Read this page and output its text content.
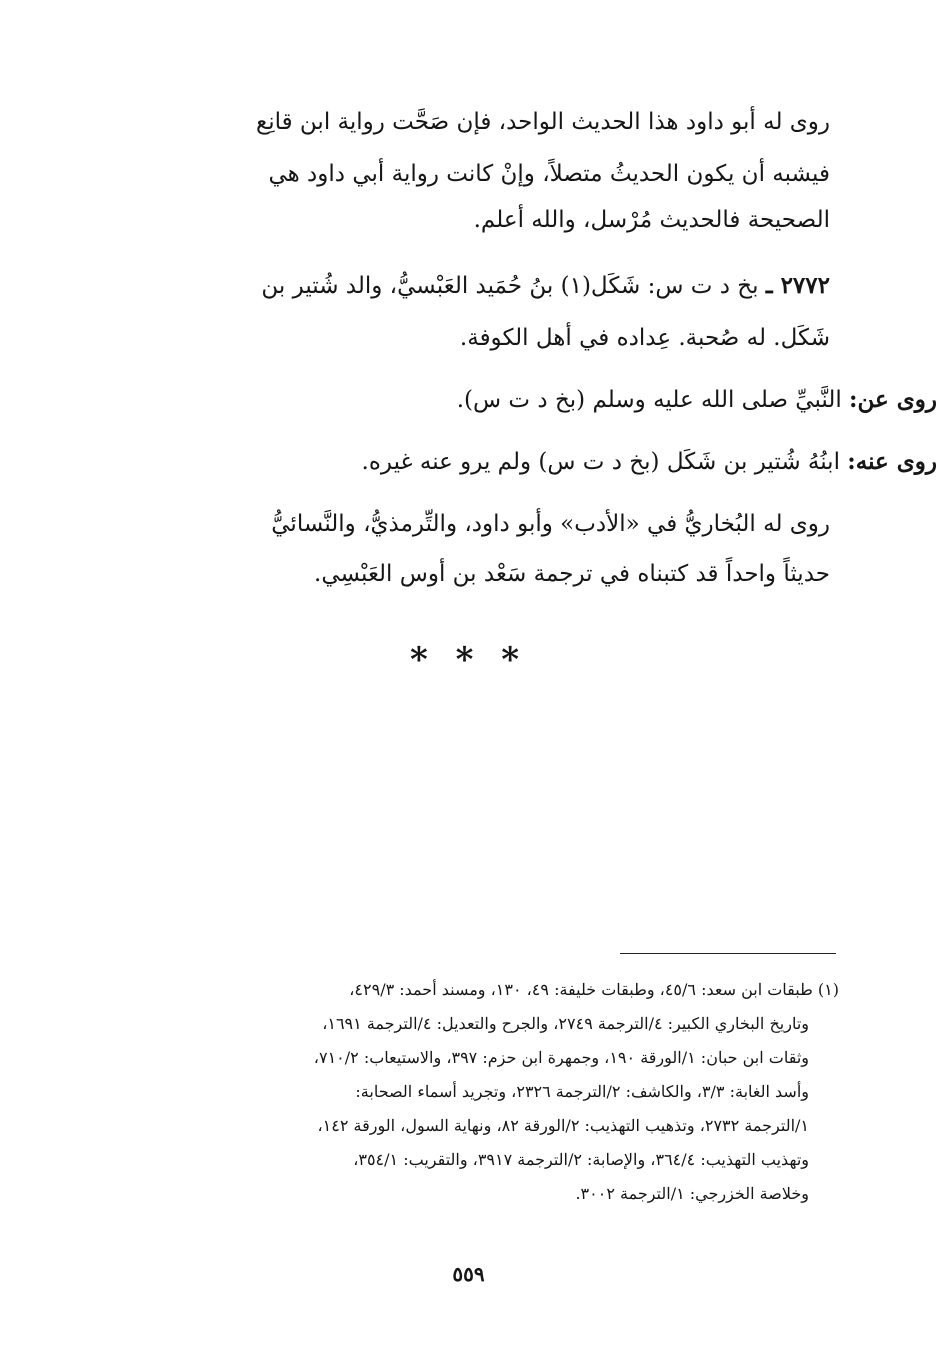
روى له أبو داود هذا الحديث الواحد، فإن صَحَّت رواية ابن قانِع

فيشبه أن يكون الحديثُ متصلاً، وإنْ كانت رواية أبي داود هي

الصحيحة فالحديث مُرْسل، والله أعلم.

٢٧٧٢ ـ بخ د ت س: شَكَل(١) بنُ حُمَيد العَبْسيُّ، والد شُتير بن

شَكَل. له صُحبة. عِداده في أهل الكوفة.

روى عن: النَّبيِّ صلى الله عليه وسلم (بخ د ت س).

روى عنه: ابنُهُ شُتير بن شَكَل (بخ د ت س) ولم يرو عنه غيره.

روى له البُخاريُّ في «الأدب» وأبو داود، والتِّرمذيُّ، والنَّسائيُّ

حديثاً واحداً قد كتبناه في ترجمة سَعْد بن أوس العَبْسِي.

* * *

(١) طبقات ابن سعد: ٤٥/٦، وطبقات خليفة: ٤٩، ١٣٠، ومسند أحمد: ٤٢٩/٣،

وتاريخ البخاري الكبير: ٤/الترجمة ٢٧٤٩، والجرح والتعديل: ٤/الترجمة ١٦٩١،

وثقات ابن حبان: ١/الورقة ١٩٠، وجمهرة ابن حزم: ٣٩٧، والاستيعاب: ٧١٠/٢،

وأسد الغابة: ٣/٣، والكاشف: ٢/الترجمة ٢٣٢٦، وتجريد أسماء الصحابة:

١/الترجمة ٢٧٣٢، وتذهيب التهذيب: ٢/الورقة ٨٢، ونهاية السول، الورقة ١٤٢،

وتهذيب التهذيب: ٣٦٤/٤، والإصابة: ٢/الترجمة ٣٩١٧، والتقريب: ٣٥٤/١،

وخلاصة الخزرجي: ١/الترجمة ٣٠٠٢.

٥٥٩
